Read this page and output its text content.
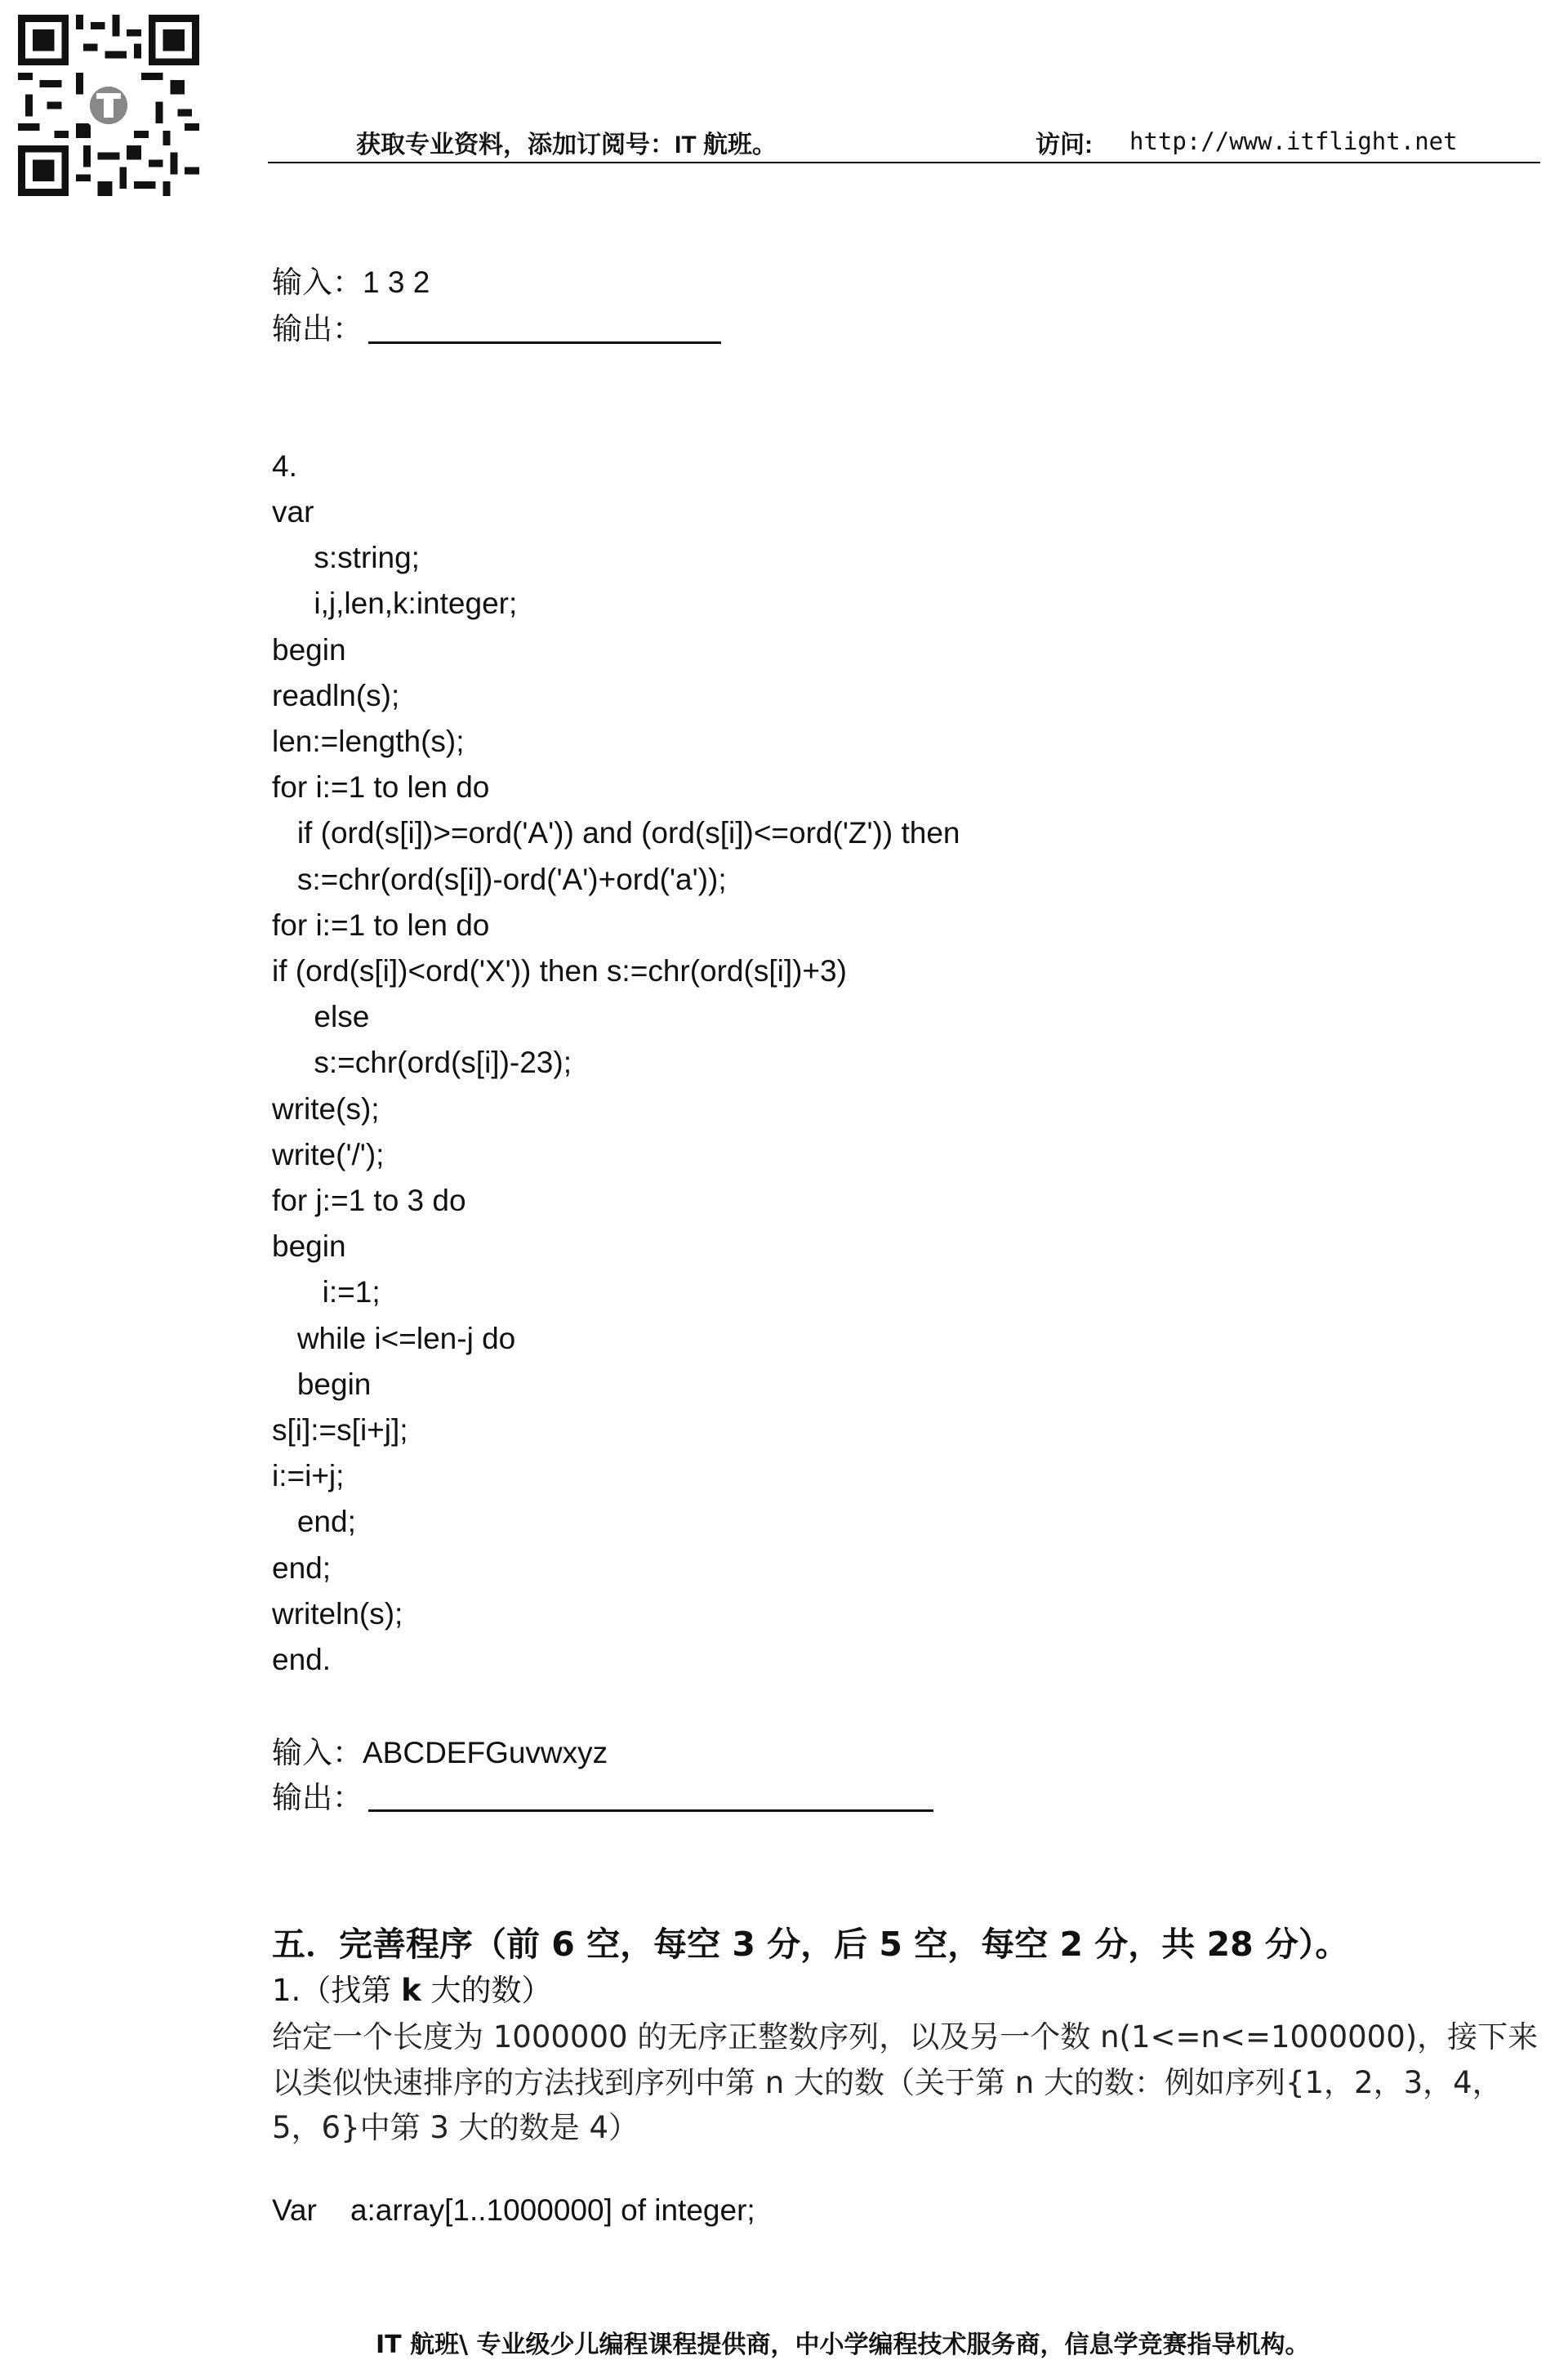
获取专业资料，添加订阅号：IT 航班。	访问: http://www.itflight.net
输入：1 3 2
输出：
4.
var
s:string;
i,j,len,k:integer;
begin
readln(s);
len:=length(s);
for i:=1 to len do
if (ord(s[i])>=ord('A')) and (ord(s[i])<=ord('Z')) then
s:=chr(ord(s[i])-ord('A')+ord('a'));
for i:=1 to len do
if (ord(s[i])<ord('X')) then s:=chr(ord(s[i])+3)
else
s:=chr(ord(s[i])-23);
write(s);
write('/');
for j:=1 to 3 do
begin
i:=1;
while i<=len-j do
begin
s[i]:=s[i+j];
i:=i+j;
end;
end;
writeln(s);
end.
输入：ABCDEFGuvwxyz
输出：
五．完善程序（前 6 空，每空 3 分，后 5 空，每空 2 分，共 28 分）。
1.（找第 k 大的数）
给定一个长度为 1000000 的无序正整数序列，以及另一个数 n(1<=n<=1000000)，接下来
以类似快速排序的方法找到序列中第 n 大的数（关于第 n 大的数：例如序列{1，2，3，4，
5，6}中第 3 大的数是 4）
Var    a:array[1..1000000] of integer;
IT 航班\ 专业级少儿编程课程提供商，中小学编程技术服务商，信息学竞赛指导机构。
